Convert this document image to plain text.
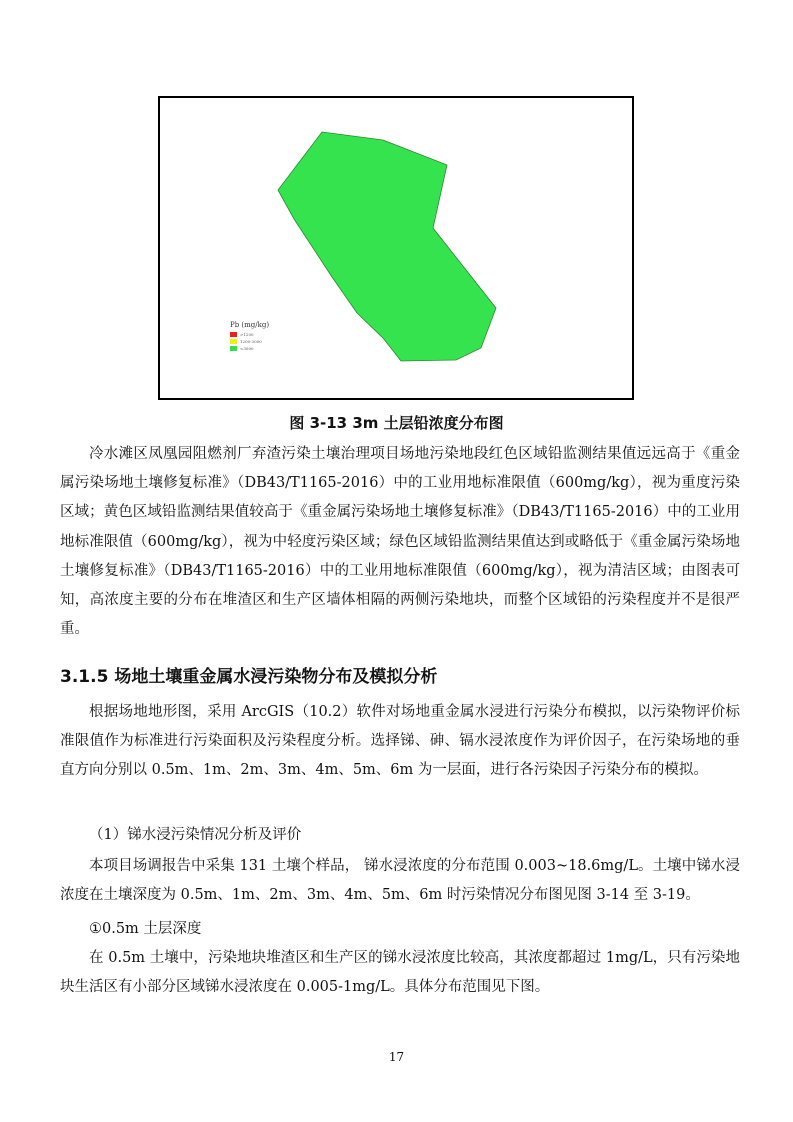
Pb (mg/kg)
>1200
1200-3000
<3000
图 3-13 3m 土层铅浓度分布图
冷水滩区凤凰园阻燃剂厂弃渣污染土壤治理项目场地污染地段红色区域铅监测结果值远远高于《重金属污染场地土壤修复标准》（DB43/T1165-2016）中的工业用地标准限值（600mg/kg），视为重度污染区域；黄色区域铅监测结果值较高于《重金属污染场地土壤修复标准》（DB43/T1165-2016）中的工业用地标准限值（600mg/kg），视为中轻度污染区域；绿色区域铅监测结果值达到或略低于《重金属污染场地土壤修复标准》（DB43/T1165-2016）中的工业用地标准限值（600mg/kg），视为清洁区域；由图表可知，高浓度主要的分布在堆渣区和生产区墙体相隔的两侧污染地块，而整个区域铅的污染程度并不是很严重。
3.1.5 场地土壤重金属水浸污染物分布及模拟分析
根据场地地形图，采用 ArcGIS（10.2）软件对场地重金属水浸进行污染分布模拟，以污染物评价标准限值作为标准进行污染面积及污染程度分析。选择锑、砷、镉水浸浓度作为评价因子，在污染场地的垂直方向分别以 0.5m、1m、2m、3m、4m、5m、6m 为一层面，进行各污染因子污染分布的模拟。
（1）锑水浸污染情况分析及评价
本项目场调报告中采集 131 土壤个样品， 锑水浸浓度的分布范围 0.003~18.6mg/L。土壤中锑水浸浓度在土壤深度为 0.5m、1m、2m、3m、4m、5m、6m 时污染情况分布图见图 3-14 至 3-19。
①0.5m 土层深度
在 0.5m 土壤中，污染地块堆渣区和生产区的锑水浸浓度比较高，其浓度都超过 1mg/L，只有污染地块生活区有小部分区域锑水浸浓度在 0.005-1mg/L。具体分布范围见下图。
17
